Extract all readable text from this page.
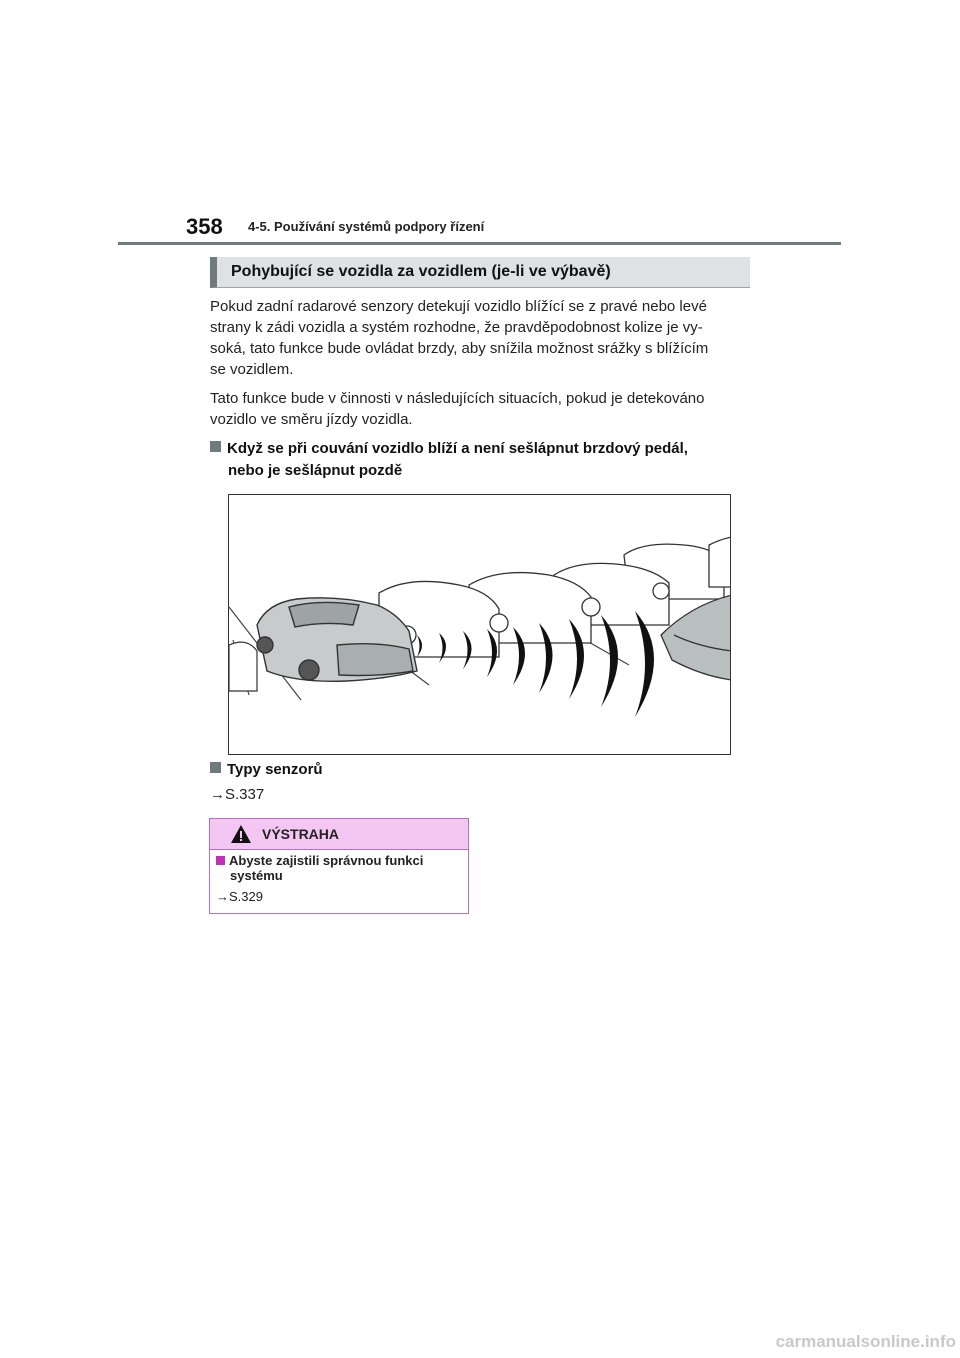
358 4-5. Používání systémů podpory řízení
Pohybující se vozidla za vozidlem (je-li ve výbavě)
Pokud zadní radarové senzory detekují vozidlo blížící se z pravé nebo levé
strany k zádi vozidla a systém rozhodne, že pravděpodobnost kolize je vy-
soká, tato funkce bude ovládat brzdy, aby snížila možnost srážky s blížícím
se vozidlem.
Tato funkce bude v činnosti v následujících situacích, pokud je detekováno
vozidlo ve směru jízdy vozidla.
Když se při couvání vozidlo blíží a není sešlápnut brzdový pedál,
nebo je sešlápnut pozdě
Typy senzorů
→S.337
VÝSTRAHA
Abyste zajistili správnou funkci
systému
→S.329
carmanualsonline.info
